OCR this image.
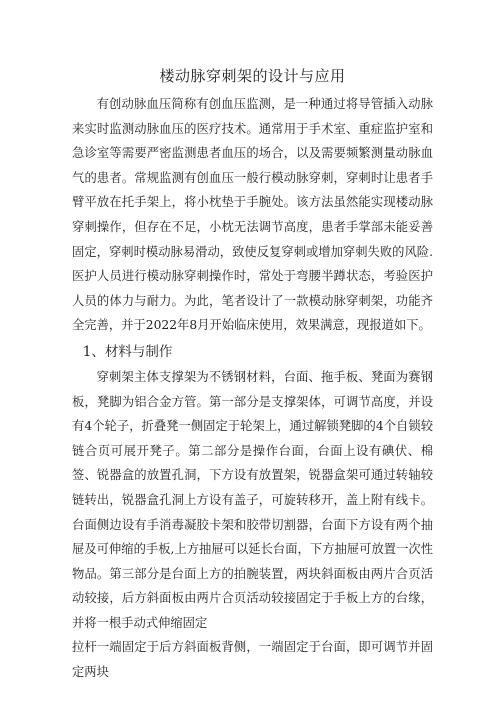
楼动脉穿刺架的设计与应用

有创动脉血压简称有创血压监测，是一种通过将导管插入动脉来实时监测动脉血压的医疗技术。通常用于手术室、重症监护室和急诊室等需要严密监测患者血压的场合，以及需要频繁测量动脉血气的患者。常规监测有创血压一般行模动脉穿刺，穿刺时让患者手臂平放在托手架上，将小枕垫于手腕处。该方法虽然能实现楼动脉穿刺操作，但存在不足，小枕无法调节高度，患者手掌部未能妥善固定，穿刺时模动脉易滑动，致使反复穿刺或增加穿刺失败的风险.医护人员进行模动脉穿刺操作时，常处于弯腰半蹲状态，考验医护人员的体力与耐力。为此，笔者设计了一款模动脉穿刺架，功能齐全完善，并于2022年8月开始临床使用，效果满意，现报道如下。

1、材料与制作

穿刺架主体支撑架为不锈钢材料，台面、拖手板、凳面为赛钢板，凳脚为铝合金方管。第一部分是支撑架体，可调节高度，并设有4个轮子，折叠凳一侧固定于轮架上，通过解锁凳脚的4个自锁较链合页可展开凳子。第二部分是操作台面，台面上设有碘伏、棉签、锐器盒的放置孔洞，下方设有放置架，锐器盒架可通过转轴较链转出，锐器盒孔洞上方设有盖子，可旋转移开，盖上附有线卡。台面侧边设有手消毒凝胶卡架和胶带切割器，台面下方设有两个抽屉及可伸缩的手板,上方抽屉可以延长台面，下方抽屉可放置一次性物品。第三部分是台面上方的拍腕装置，两块斜面板由两片合页活动较接，后方斜面板由两片合页活动较接固定于手板上方的台缘，并将一根手动式伸缩固定

拉杆一端固定于后方斜面板背侧，一端固定于台面，即可调节并固定两块
